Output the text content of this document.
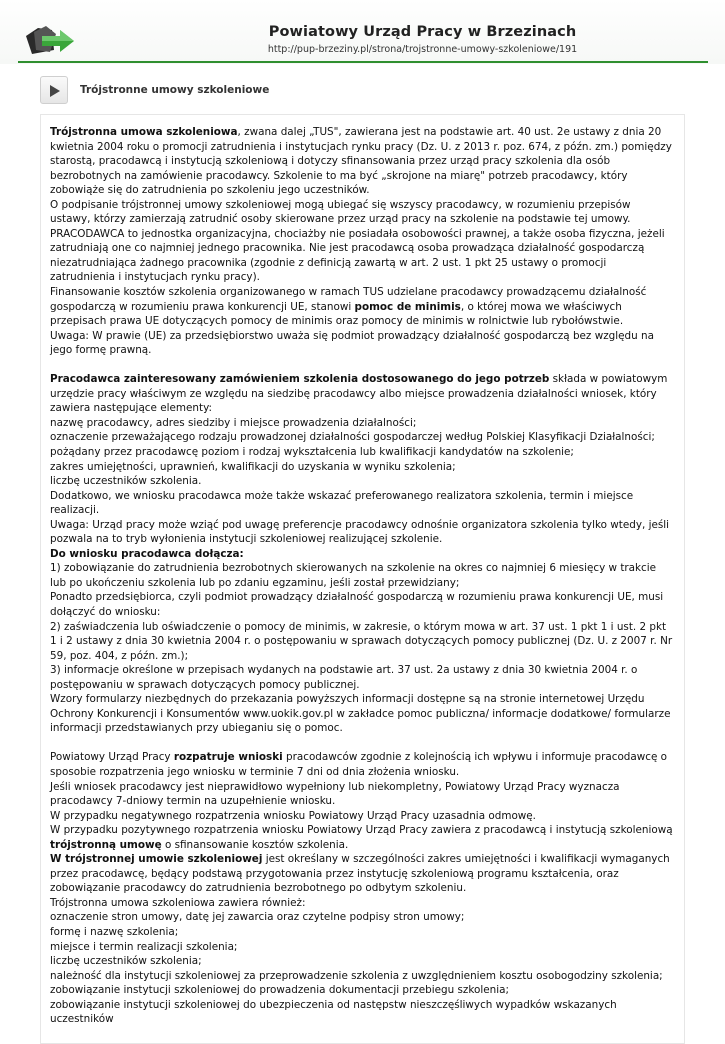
Powiatowy Urząd Pracy w Brzezinach
http://pup-brzeziny.pl/strona/trojstronne-umowy-szkoleniowe/191
Trójstronne umowy szkoleniowe

Trójstronna umowa szkoleniowa, zwana dalej „TUS", zawierana jest na podstawie art. 40 ust. 2e ustawy z dnia 20 kwietnia 2004 roku o promocji zatrudnienia i instytucjach rynku pracy (Dz. U. z 2013 r. poz. 674, z późn. zm.) pomiędzy starostą, pracodawcą i instytucją szkoleniową i dotyczy sfinansowania przez urząd pracy szkolenia dla osób bezrobotnych na zamówienie pracodawcy. Szkolenie to ma być „skrojone na miarę" potrzeb pracodawcy, który zobowiąże się do zatrudnienia po szkoleniu jego uczestników.

O podpisanie trójstronnej umowy szkoleniowej mogą ubiegać się wszyscy pracodawcy, w rozumieniu przepisów ustawy, którzy zamierzają zatrudnić osoby skierowane przez urząd pracy na szkolenie na podstawie tej umowy.

PRACODAWCA to jednostka organizacyjna, chociażby nie posiadała osobowości prawnej, a także osoba fizyczna, jeżeli zatrudniają one co najmniej jednego pracownika. Nie jest pracodawcą osoba prowadząca działalność gospodarczą niezatrudniająca żadnego pracownika (zgodnie z definicją zawartą w art. 2 ust. 1 pkt 25 ustawy o promocji zatrudnienia i instytucjach rynku pracy).

Finansowanie kosztów szkolenia organizowanego w ramach TUS udzielane pracodawcy prowadzącemu działalność gospodarczą w rozumieniu prawa konkurencji UE, stanowi pomoc de minimis, o której mowa we właściwych przepisach prawa UE dotyczących pomocy de minimis oraz pomocy de minimis w rolnictwie lub rybołówstwie.

Uwaga: W prawie (UE) za przedsiębiorstwo uważa się podmiot prowadzący działalność gospodarczą bez względu na jego formę prawną.

Pracodawca zainteresowany zamówieniem szkolenia dostosowanego do jego potrzeb składa w powiatowym urzędzie pracy właściwym ze względu na siedzibę pracodawcy albo miejsce prowadzenia działalności wniosek, który zawiera następujące elementy:

nazwę pracodawcy, adres siedziby i miejsce prowadzenia działalności;

oznaczenie przeważającego rodzaju prowadzonej działalności gospodarczej według Polskiej Klasyfikacji Działalności;

pożądany przez pracodawcę poziom i rodzaj wykształcenia lub kwalifikacji kandydatów na szkolenie;

zakres umiejętności, uprawnień, kwalifikacji do uzyskania w wyniku szkolenia;

liczbę uczestników szkolenia.

Dodatkowo, we wniosku pracodawca może także wskazać preferowanego realizatora szkolenia, termin i miejsce realizacji.

Uwaga: Urząd pracy może wziąć pod uwagę preferencje pracodawcy odnośnie organizatora szkolenia tylko wtedy, jeśli pozwala na to tryb wyłonienia instytucji szkoleniowej realizującej szkolenie.

Do wniosku pracodawca dołącza:

1) zobowiązanie do zatrudnienia bezrobotnych skierowanych na szkolenie na okres co najmniej 6 miesięcy w trakcie lub po ukończeniu szkolenia lub po zdaniu egzaminu, jeśli został przewidziany;

Ponadto przedsiębiorca, czyli podmiot prowadzący działalność gospodarczą w rozumieniu prawa konkurencji UE, musi dołączyć do wniosku:

2) zaświadczenia lub oświadczenie o pomocy de minimis, w zakresie, o którym mowa w art. 37 ust. 1 pkt 1 i ust. 2 pkt 1 i 2 ustawy z dnia 30 kwietnia 2004 r. o postępowaniu w sprawach dotyczących pomocy publicznej (Dz. U. z 2007 r. Nr 59, poz. 404, z późn. zm.);

3) informacje określone w przepisach wydanych na podstawie art. 37 ust. 2a ustawy z dnia 30 kwietnia 2004 r. o postępowaniu w sprawach dotyczących pomocy publicznej.

Wzory formularzy niezbędnych do przekazania powyższych informacji dostępne są na stronie internetowej Urzędu Ochrony Konkurencji i Konsumentów www.uokik.gov.pl w zakładce pomoc publiczna/ informacje dodatkowe/ formularze informacji przedstawianych przy ubieganiu się o pomoc.

Powiatowy Urząd Pracy rozpatruje wnioski pracodawców zgodnie z kolejnością ich wpływu i informuje pracodawcę o sposobie rozpatrzenia jego wniosku w terminie 7 dni od dnia złożenia wniosku.

Jeśli wniosek pracodawcy jest nieprawidłowo wypełniony lub niekompletny, Powiatowy Urząd Pracy wyznacza pracodawcy 7-dniowy termin na uzupełnienie wniosku.

W przypadku negatywnego rozpatrzenia wniosku Powiatowy Urząd Pracy uzasadnia odmowę.

W przypadku pozytywnego rozpatrzenia wniosku Powiatowy Urząd Pracy zawiera z pracodawcą i instytucją szkoleniową trójstronną umowę o sfinansowanie kosztów szkolenia.

W trójstronnej umowie szkoleniowej jest określany w szczególności zakres umiejętności i kwalifikacji wymaganych przez pracodawcę, będący podstawą przygotowania przez instytucję szkoleniową programu kształcenia, oraz zobowiązanie pracodawcy do zatrudnienia bezrobotnego po odbytym szkoleniu.

Trójstronna umowa szkoleniowa zawiera również:

oznaczenie stron umowy, datę jej zawarcia oraz czytelne podpisy stron umowy;

formę i nazwę szkolenia;

miejsce i termin realizacji szkolenia;

liczbę uczestników szkolenia;

należność dla instytucji szkoleniowej za przeprowadzenie szkolenia z uwzględnieniem kosztu osobogodziny szkolenia;

zobowiązanie instytucji szkoleniowej do prowadzenia dokumentacji przebiegu szkolenia;

zobowiązanie instytucji szkoleniowej do ubezpieczenia od następstw nieszczęśliwych wypadków wskazanych uczestników
